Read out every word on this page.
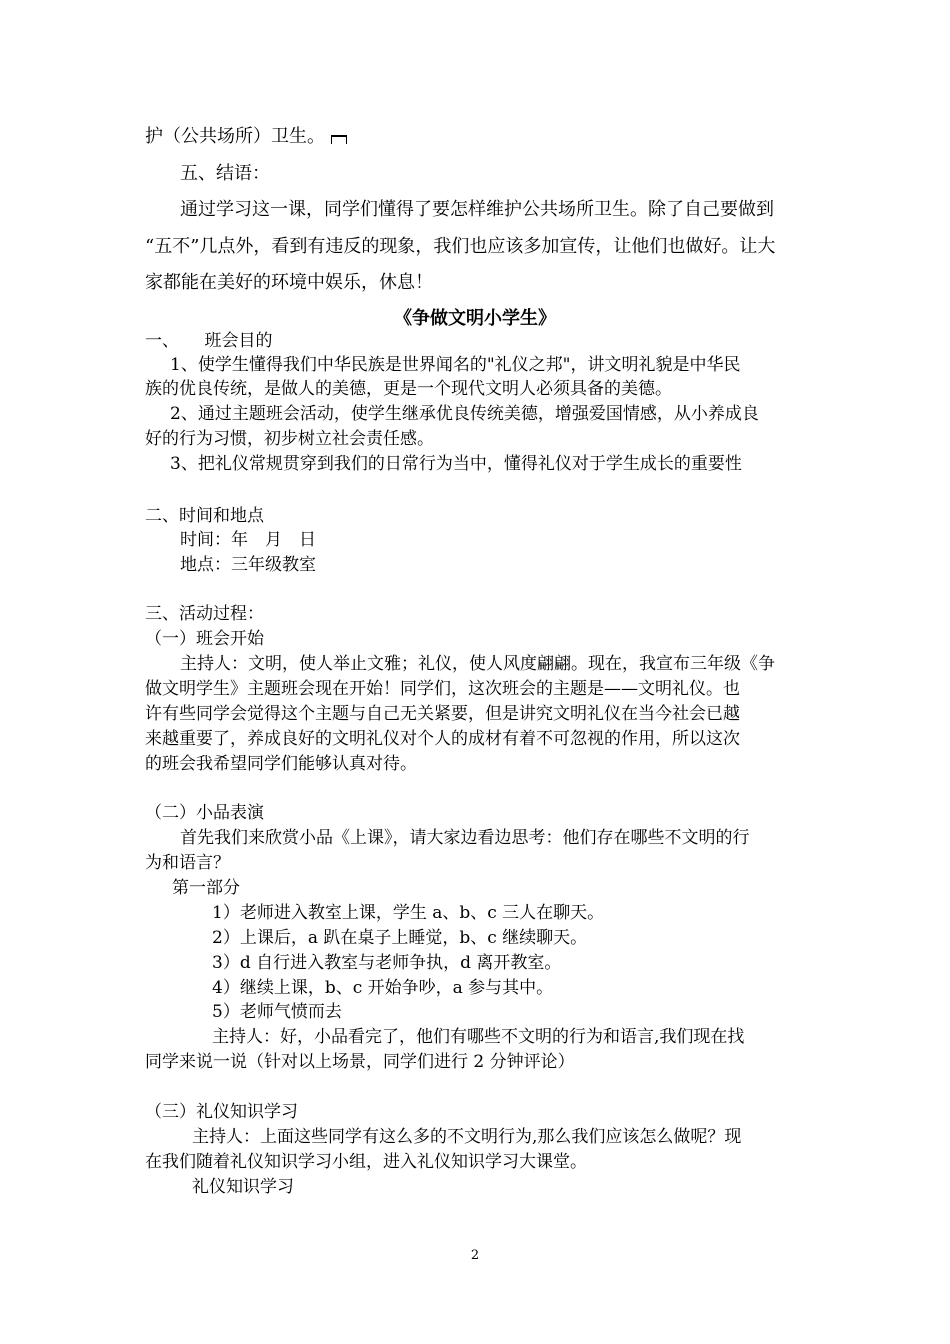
护（公共场所）卫生。
五、结语：
通过学习这一课，同学们懂得了要怎样维护公共场所卫生。除了自己要做到
“五不”几点外，看到有违反的现象，我们也应该多加宣传，让他们也做好。让大
家都能在美好的环境中娱乐，休息！
《争做文明小学生》
一、　　班会目的
1、使学生懂得我们中华民族是世界闻名的"礼仪之邦"，讲文明礼貌是中华民
族的优良传统，是做人的美德，更是一个现代文明人必须具备的美德。
2、通过主题班会活动，使学生继承优良传统美德，增强爱国情感，从小养成良
好的行为习惯，初步树立社会责任感。
3、把礼仪常规贯穿到我们的日常行为当中，懂得礼仪对于学生成长的重要性
二、时间和地点
时间：年　月　日
地点：三年级教室
三、活动过程：
（一）班会开始
主持人：文明，使人举止文雅；礼仪，使人风度翩翩。现在，我宣布三年级《争
做文明学生》主题班会现在开始！同学们，这次班会的主题是——文明礼仪。也
许有些同学会觉得这个主题与自己无关紧要，但是讲究文明礼仪在当今社会已越
来越重要了，养成良好的文明礼仪对个人的成材有着不可忽视的作用，所以这次
的班会我希望同学们能够认真对待。
（二）小品表演
首先我们来欣赏小品《上课》，请大家边看边思考：他们存在哪些不文明的行
为和语言？
第一部分
1）老师进入教室上课，学生 a、b、c 三人在聊天。
2）上课后，a 趴在桌子上睡觉，b、c 继续聊天。
3）d 自行进入教室与老师争执，d 离开教室。
4）继续上课，b、c 开始争吵，a 参与其中。
5）老师气愤而去
主持人：好，小品看完了，他们有哪些不文明的行为和语言,我们现在找
同学来说一说（针对以上场景，同学们进行 2 分钟评论）
（三）礼仪知识学习
主持人：上面这些同学有这么多的不文明行为,那么我们应该怎么做呢？现
在我们随着礼仪知识学习小组，进入礼仪知识学习大课堂。
礼仪知识学习
2
